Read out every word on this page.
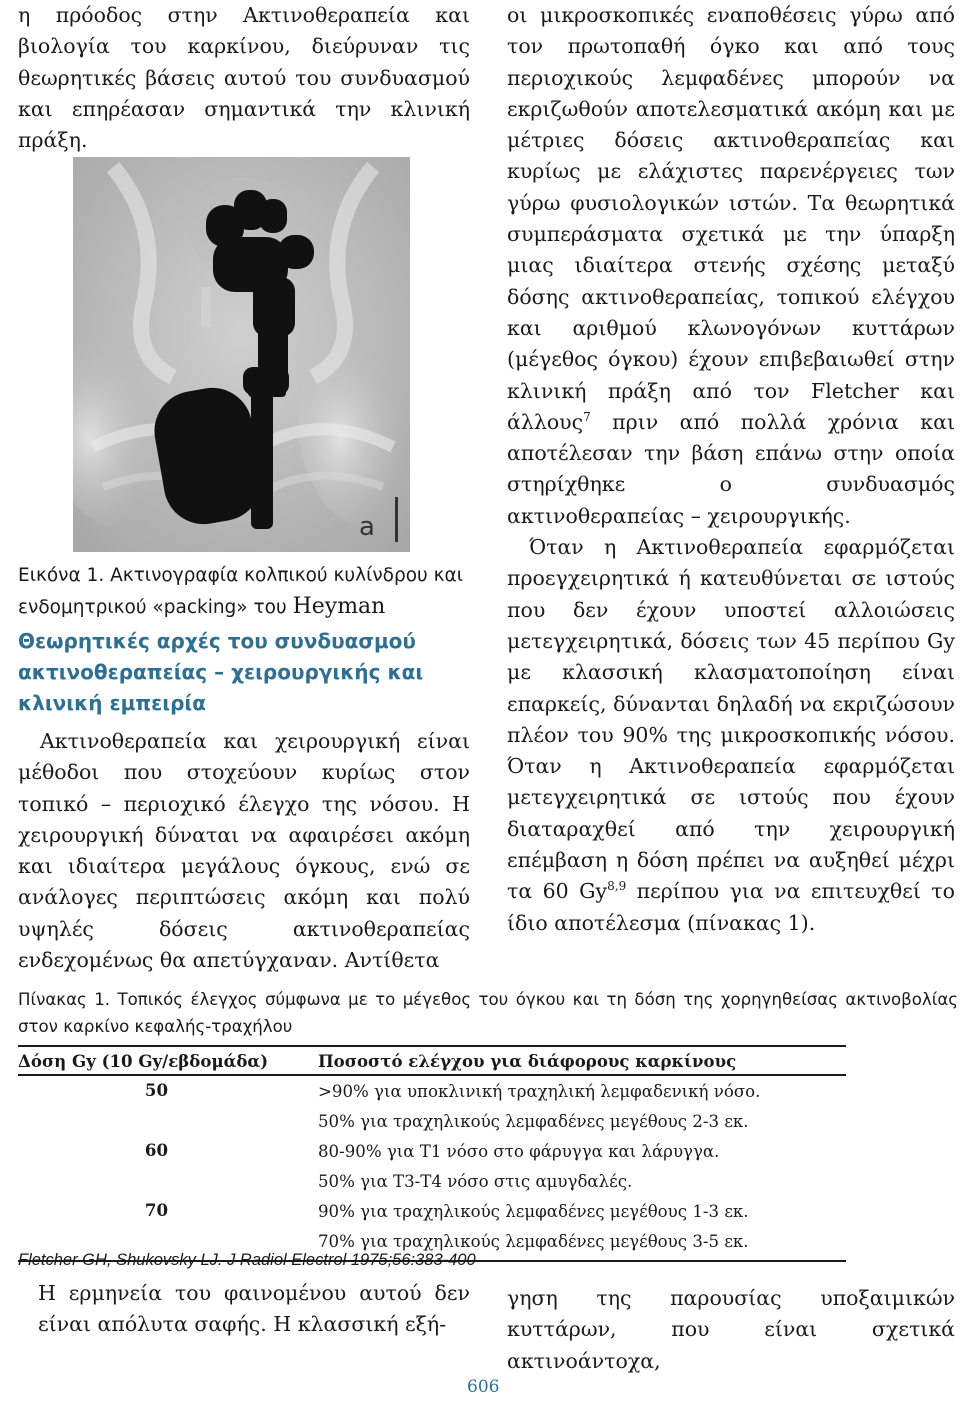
η πρόοδος στην Ακτινοθεραπεία και βιολογία του καρκίνου, διεύρυναν τις θεωρητικές βάσεις αυτού του συνδυασμού και επηρέασαν σημαντικά την κλινική πράξη.

a
Εικόνα 1. Ακτινογραφία κολπικού κυλίνδρου και ενδομητρικού «packing» του Heyman
Θεωρητικές αρχές του συνδυασμού ακτινοθεραπείας – χειρουργικής και κλινική εμπειρία

Ακτινοθεραπεία και χειρουργική είναι μέθοδοι που στοχεύουν κυρίως στον τοπικό – περιοχικό έλεγχο της νόσου. Η χειρουργική δύναται να αφαιρέσει ακόμη και ιδιαίτερα μεγάλους όγκους, ενώ σε ανάλογες περιπτώσεις ακόμη και πολύ υψηλές δόσεις ακτινοθεραπείας ενδεχομένως θα απετύγχαναν. Αντίθετα

οι μικροσκοπικές εναποθέσεις γύρω από τον πρωτοπαθή όγκο και από τους περιοχικούς λεμφαδένες μπορούν να εκριζωθούν αποτελεσματικά ακόμη και με μέτριες δόσεις ακτινοθεραπείας και κυρίως με ελάχιστες παρενέργειες των γύρω φυσιολογικών ιστών. Τα θεωρητικά συμπεράσματα σχετικά με την ύπαρξη μιας ιδιαίτερα στενής σχέσης μεταξύ δόσης ακτινοθεραπείας, τοπικού ελέγχου και αριθμού κλωνογόνων κυττάρων (μέγεθος όγκου) έχουν επιβεβαιωθεί στην κλινική πράξη από τον Fletcher και άλλους$^7$ πριν από πολλά χρόνια και αποτέλεσαν την βάση επάνω στην οποία στηρίχθηκε ο συνδυασμός ακτινοθεραπείας – χειρουργικής.

Όταν η Ακτινοθεραπεία εφαρμόζεται προεγχειρητικά ή κατευθύνεται σε ιστούς που δεν έχουν υποστεί αλλοιώσεις μετεγχειρητικά, δόσεις των 45 περίπου Gy με κλασσική κλασματοποίηση είναι επαρκείς, δύνανται δηλαδή να εκριζώσουν πλέον του 90% της μικροσκοπικής νόσου. Όταν η Ακτινοθεραπεία εφαρμόζεται μετεγχειρητικά σε ιστούς που έχουν διαταραχθεί από την χειρουργική επέμβαση η δόση πρέπει να αυξηθεί μέχρι τα 60 Gy$^{8,9}$ περίπου για να επιτευχθεί το ίδιο αποτέλεσμα (πίνακας 1).

Πίνακας 1. Τοπικός έλεγχος σύμφωνα με το μέγεθος του όγκου και τη δόση της χορηγηθείσας ακτινοβολίας στον καρκίνο κεφαλής-τραχήλου
Δόση Gy (10 Gy/εβδομάδα)	Ποσοστό ελέγχου για διάφορους καρκίνους
50	>90% για υποκλινική τραχηλική λεμφαδενική νόσο.
	50% για τραχηλικούς λεμφαδένες μεγέθους 2-3 εκ.
60	80-90% για Τ1 νόσο στο φάρυγγα και λάρυγγα.
	50% για Τ3-Τ4 νόσο στις αμυγδαλές.
70	90% για τραχηλικούς λεμφαδένες μεγέθους 1-3 εκ.
	70% για τραχηλικούς λεμφαδένες μεγέθους 3-5 εκ.
Fletcher GH, Shukovsky LJ. J Radiol Electrol 1975;56:383-400

Η ερμηνεία του φαινομένου αυτού δεν είναι απόλυτα σαφής. Η κλασσική εξή-

γηση της παρουσίας υποξαιμικών κυττάρων, που είναι σχετικά ακτινοάντοχα,

606
